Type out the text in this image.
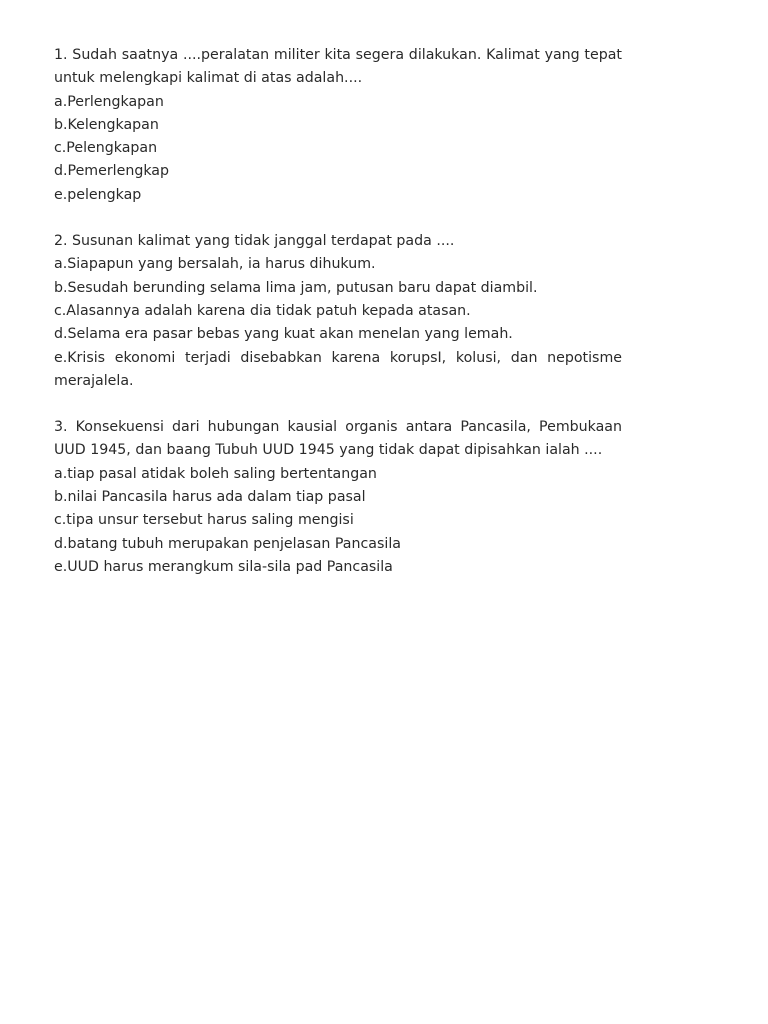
1. Sudah saatnya ....peralatan militer kita segera dilakukan. Kalimat yang tepat untuk melengkapi kalimat di atas adalah....

a.Perlengkapan

b.Kelengkapan

c.Pelengkapan

d.Pemerlengkap

e.pelengkap

2. Susunan kalimat yang tidak janggal terdapat pada ....

a.Siapapun yang bersalah, ia harus dihukum.

b.Sesudah berunding selama lima jam, putusan baru dapat diambil.

c.Alasannya adalah karena dia tidak patuh kepada atasan.

d.Selama era pasar bebas yang kuat akan menelan yang lemah.

e.Krisis ekonomi terjadi disebabkan karena korupsI, kolusi, dan nepotisme merajalela.

3. Konsekuensi dari hubungan kausial organis antara Pancasila, Pembukaan UUD 1945, dan baang Tubuh UUD 1945 yang tidak dapat dipisahkan ialah ....

a.tiap pasal atidak boleh saling bertentangan

b.nilai Pancasila harus ada dalam tiap pasal

c.tipa unsur tersebut harus saling mengisi

d.batang tubuh merupakan penjelasan Pancasila

e.UUD harus merangkum sila-sila pad Pancasila
